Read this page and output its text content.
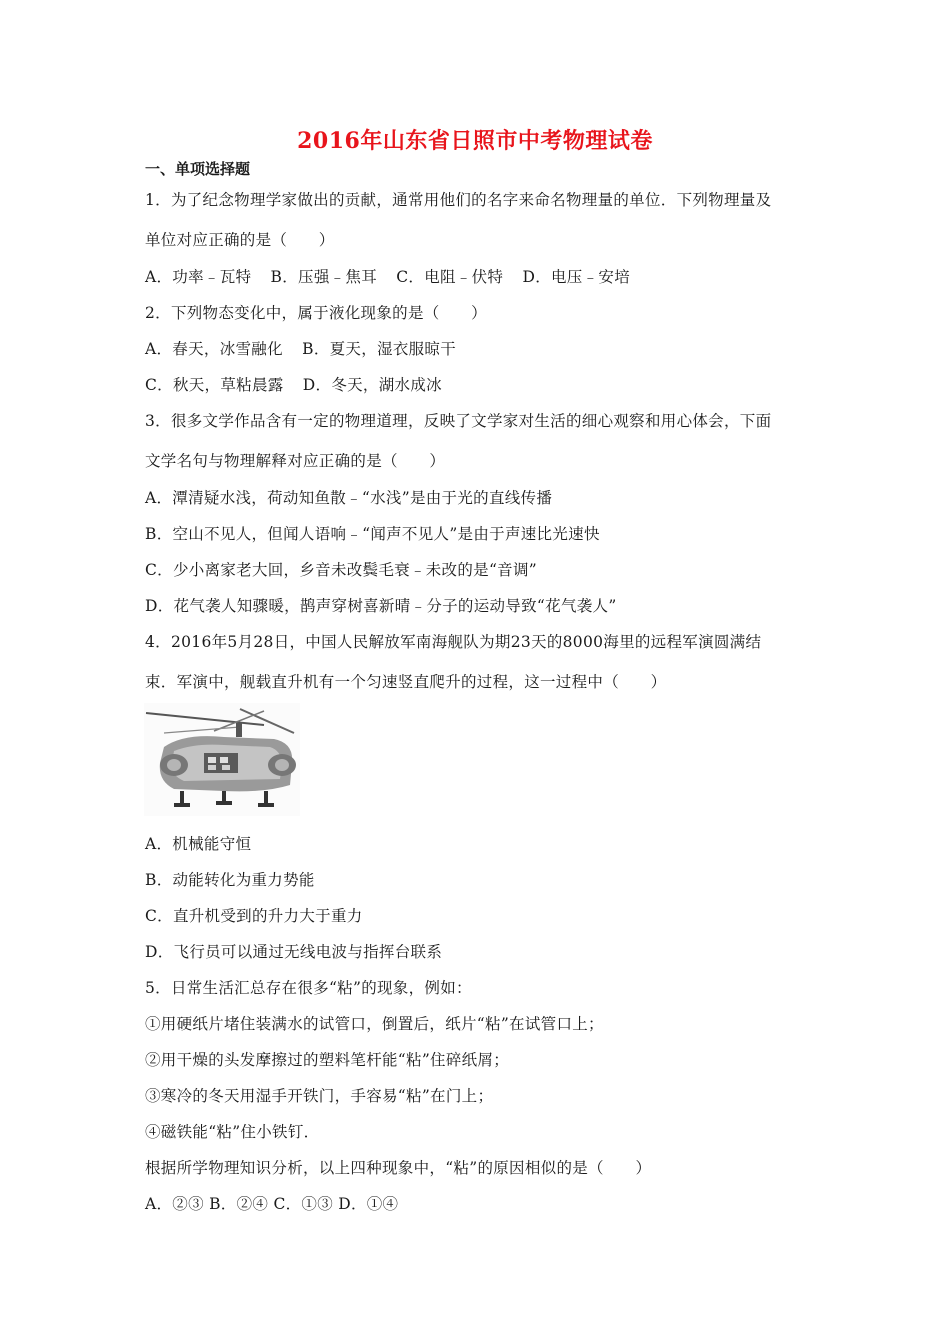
2016年山东省日照市中考物理试卷
一、单项选择题
1．为了纪念物理学家做出的贡献，通常用他们的名字来命名物理量的单位．下列物理量及
单位对应正确的是（　　）
A．功率﹣瓦特 B．压强﹣焦耳 C．电阻﹣伏特 D．电压﹣安培
2．下列物态变化中，属于液化现象的是（　　）
A．春天，冰雪融化 B．夏天，湿衣服晾干
C．秋天，草粘晨露 D．冬天，湖水成冰
3．很多文学作品含有一定的物理道理，反映了文学家对生活的细心观察和用心体会，下面
文学名句与物理解释对应正确的是（　　）
A．潭清疑水浅，荷动知鱼散﹣“水浅”是由于光的直线传播
B．空山不见人，但闻人语响﹣“闻声不见人”是由于声速比光速快
C．少小离家老大回，乡音未改鬓毛衰﹣未改的是“音调”
D．花气袭人知骤暖，鹊声穿树喜新晴﹣分子的运动导致“花气袭人”
4．2016年5月28日，中国人民解放军南海舰队为期23天的8000海里的远程军演圆满结
束．军演中，舰载直升机有一个匀速竖直爬升的过程，这一过程中（　　）
A．机械能守恒
B．动能转化为重力势能
C．直升机受到的升力大于重力
D．飞行员可以通过无线电波与指挥台联系
5．日常生活汇总存在很多“粘”的现象，例如：
①用硬纸片堵住装满水的试管口，倒置后，纸片“粘”在试管口上；
②用干燥的头发摩擦过的塑料笔杆能“粘”住碎纸屑；
③寒冷的冬天用湿手开铁门，手容易“粘”在门上；
④磁铁能“粘”住小铁钉．
根据所学物理知识分析，以上四种现象中，“粘”的原因相似的是（　　）
A．②③ B．②④ C．①③ D．①④
